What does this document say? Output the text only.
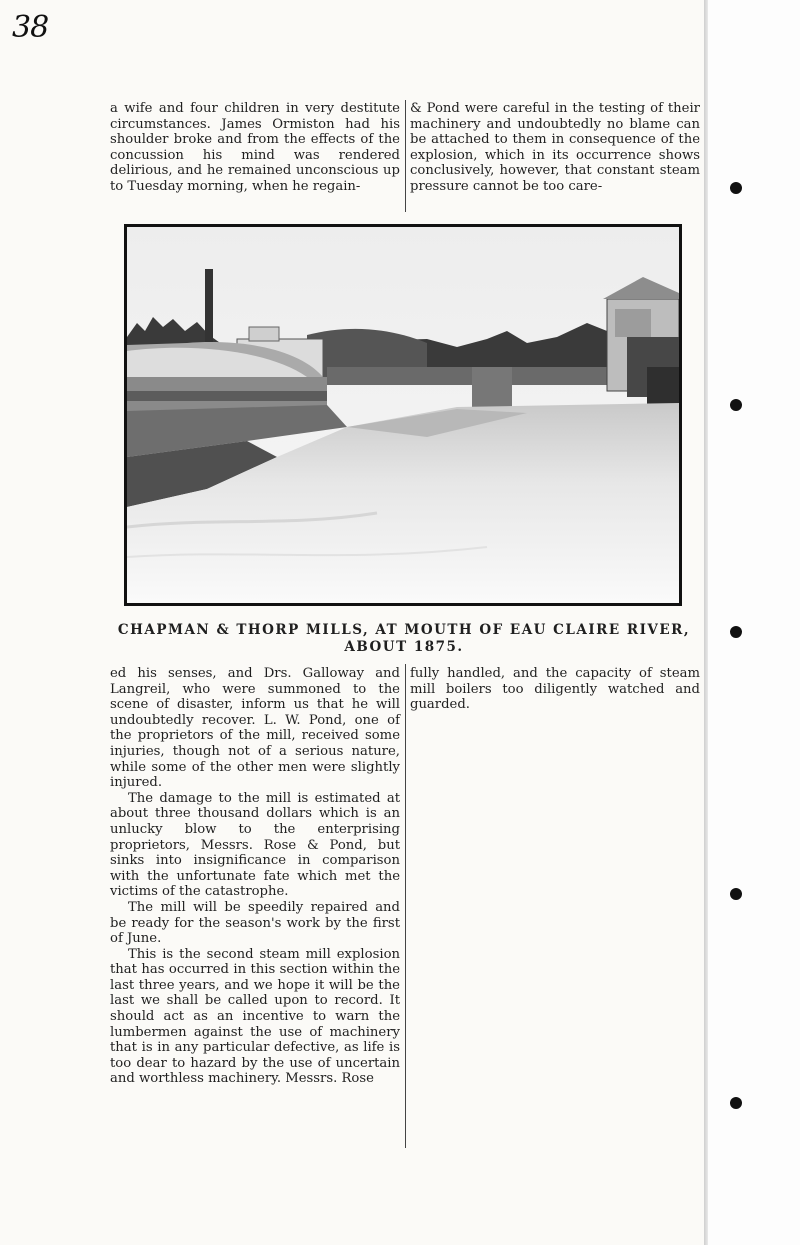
38

a wife and four children in very destitute circumstances. James Ormiston had his shoulder broke and from the effects of the concussion his mind was rendered delirious, and he remained unconscious up to Tuesday morning, when he regain-

& Pond were careful in the testing of their machinery and undoubtedly no blame can be attached to them in consequence of the explosion, which in its occurrence shows conclusively, however, that constant steam pressure cannot be too care-

CHAPMAN & THORP MILLS, AT MOUTH OF EAU CLAIRE RIVER, ABOUT 1875.

ed his senses, and Drs. Galloway and Langreil, who were summoned to the scene of disaster, inform us that he will undoubtedly recover. L. W. Pond, one of the proprietors of the mill, received some injuries, though not of a serious nature, while some of the other men were slightly injured.

The damage to the mill is estimated at about three thousand dollars which is an unlucky blow to the enterprising proprietors, Messrs. Rose & Pond, but sinks into insignificance in comparison with the unfortunate fate which met the victims of the catastrophe.

The mill will be speedily repaired and be ready for the season's work by the first of June.

This is the second steam mill explosion that has occurred in this section within the last three years, and we hope it will be the last we shall be called upon to record. It should act as an incentive to warn the lumbermen against the use of machinery that is in any particular defective, as life is too dear to hazard by the use of uncertain and worthless machinery. Messrs. Rose

fully handled, and the capacity of steam mill boilers too diligently watched and guarded.
